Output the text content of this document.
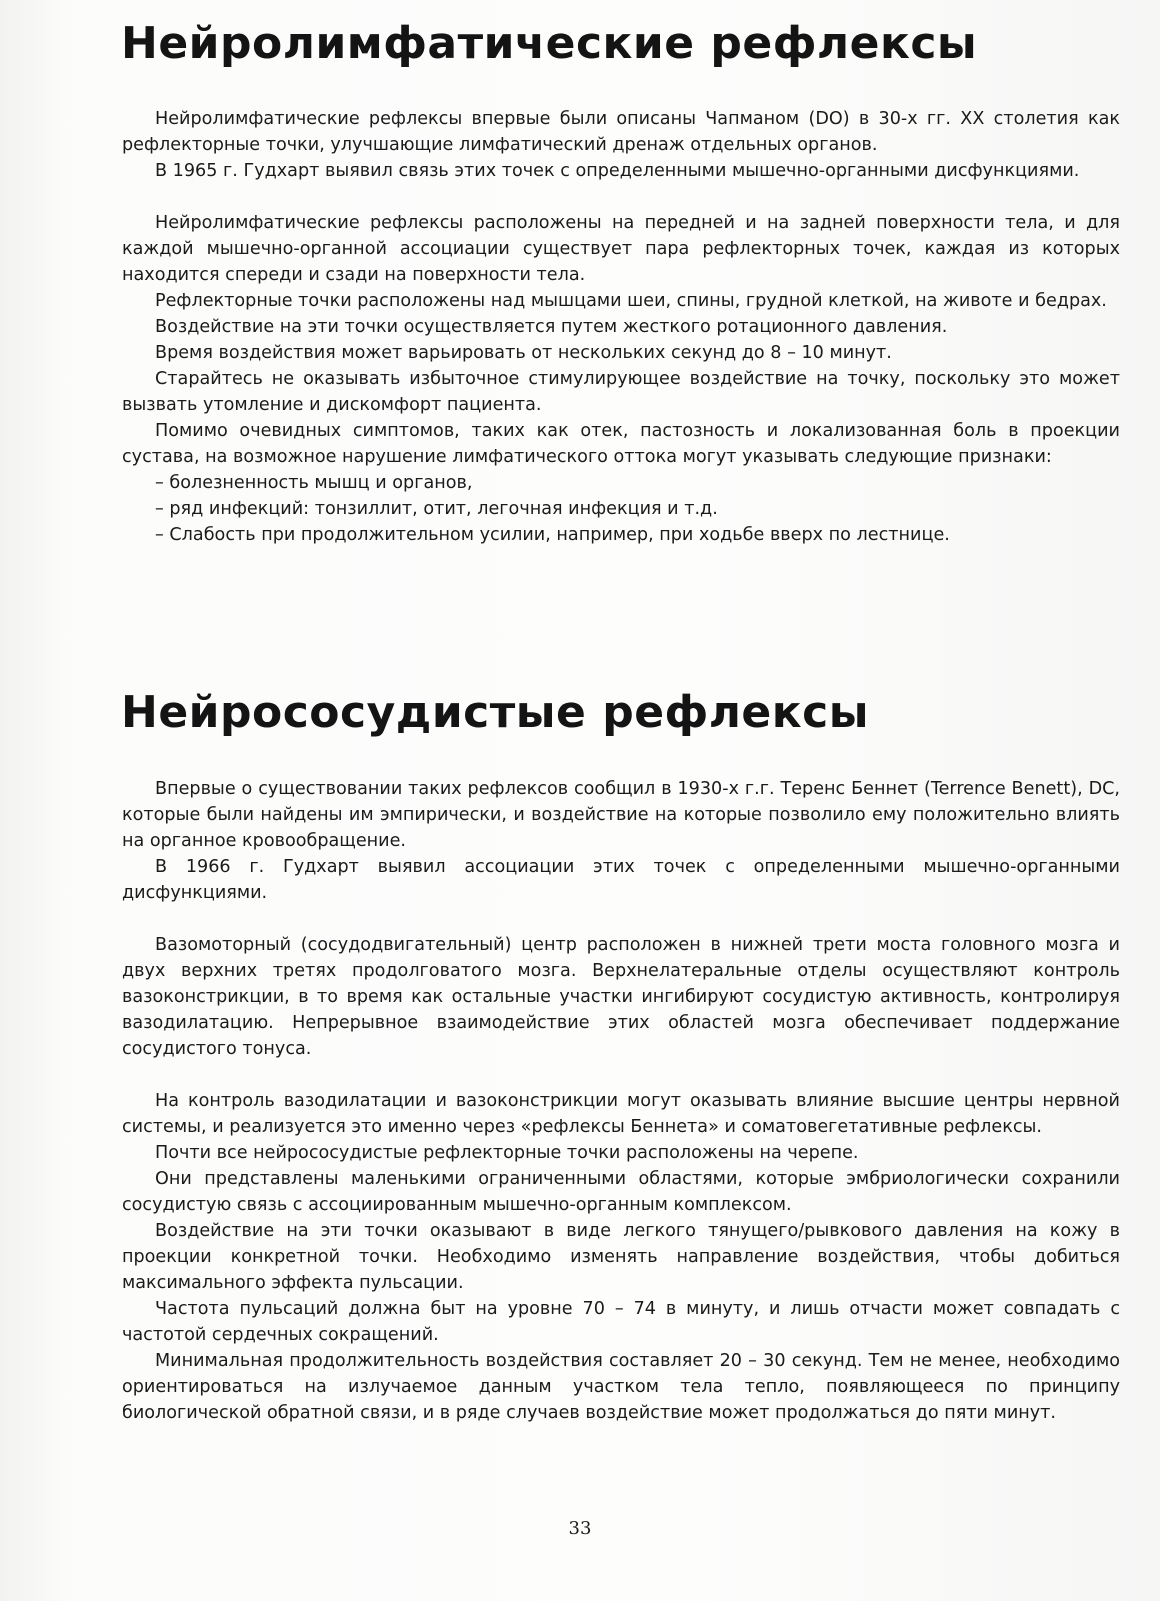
Нейролимфатические рефлексы

Нейролимфатические рефлексы впервые были описаны Чапманом (DO) в 30-х гг. XX столетия как рефлекторные точки, улучшающие лимфатический дренаж отдельных органов.

В 1965 г. Гудхарт выявил связь этих точек с определенными мышечно-органными дисфункциями.

Нейролимфатические рефлексы расположены на передней и на задней поверхности тела, и для каждой мышечно-органной ассоциации существует пара рефлекторных точек, каждая из которых находится спереди и сзади на поверхности тела.

Рефлекторные точки расположены над мышцами шеи, спины, грудной клеткой, на животе и бедрах.

Воздействие на эти точки осуществляется путем жесткого ротационного давления.

Время воздействия может варьировать от нескольких секунд до 8 – 10 минут.

Старайтесь не оказывать избыточное стимулирующее воздействие на точку, поскольку это может вызвать утомление и дискомфорт пациента.

Помимо очевидных симптомов, таких как отек, пастозность и локализованная боль в проекции сустава, на возможное нарушение лимфатического оттока могут указывать следующие признаки:

– болезненность мышц и органов,

– ряд инфекций: тонзиллит, отит, легочная инфекция и т.д.

– Слабость при продолжительном усилии, например, при ходьбе вверх по лестнице.

Нейрососудистые рефлексы

Впервые о существовании таких рефлексов сообщил в 1930-х г.г. Теренс Беннет (Terrence Benett), DC, которые были найдены им эмпирически, и воздействие на которые позволило ему положительно влиять на органное кровообращение.

В 1966 г. Гудхарт выявил ассоциации этих точек с определенными мышечно-органными дисфункциями.

Вазомоторный (сосудодвигательный) центр расположен в нижней трети моста головного мозга и двух верхних третях продолговатого мозга. Верхнелатеральные отделы осуществляют контроль вазоконстрикции, в то время как остальные участки ингибируют сосудистую активность, контролируя вазодилатацию. Непрерывное взаимодействие этих областей мозга обеспечивает поддержание сосудистого тонуса.

На контроль вазодилатации и вазоконстрикции могут оказывать влияние высшие центры нервной системы, и реализуется это именно через «рефлексы Беннета» и соматовегетативные рефлексы.

Почти все нейрососудистые рефлекторные точки расположены на черепе.

Они представлены маленькими ограниченными областями, которые эмбриологически сохранили сосудистую связь с ассоциированным мышечно-органным комплексом.

Воздействие на эти точки оказывают в виде легкого тянущего/рывкового давления на кожу в проекции конкретной точки. Необходимо изменять направление воздействия, чтобы добиться максимального эффекта пульсации.

Частота пульсаций должна быт на уровне 70 – 74 в минуту, и лишь отчасти может совпадать с частотой сердечных сокращений.

Минимальная продолжительность воздействия составляет 20 – 30 секунд. Тем не менее, необходимо ориентироваться на излучаемое данным участком тела тепло, появляющееся по принципу биологической обратной связи, и в ряде случаев воздействие может продолжаться до пяти минут.

33
